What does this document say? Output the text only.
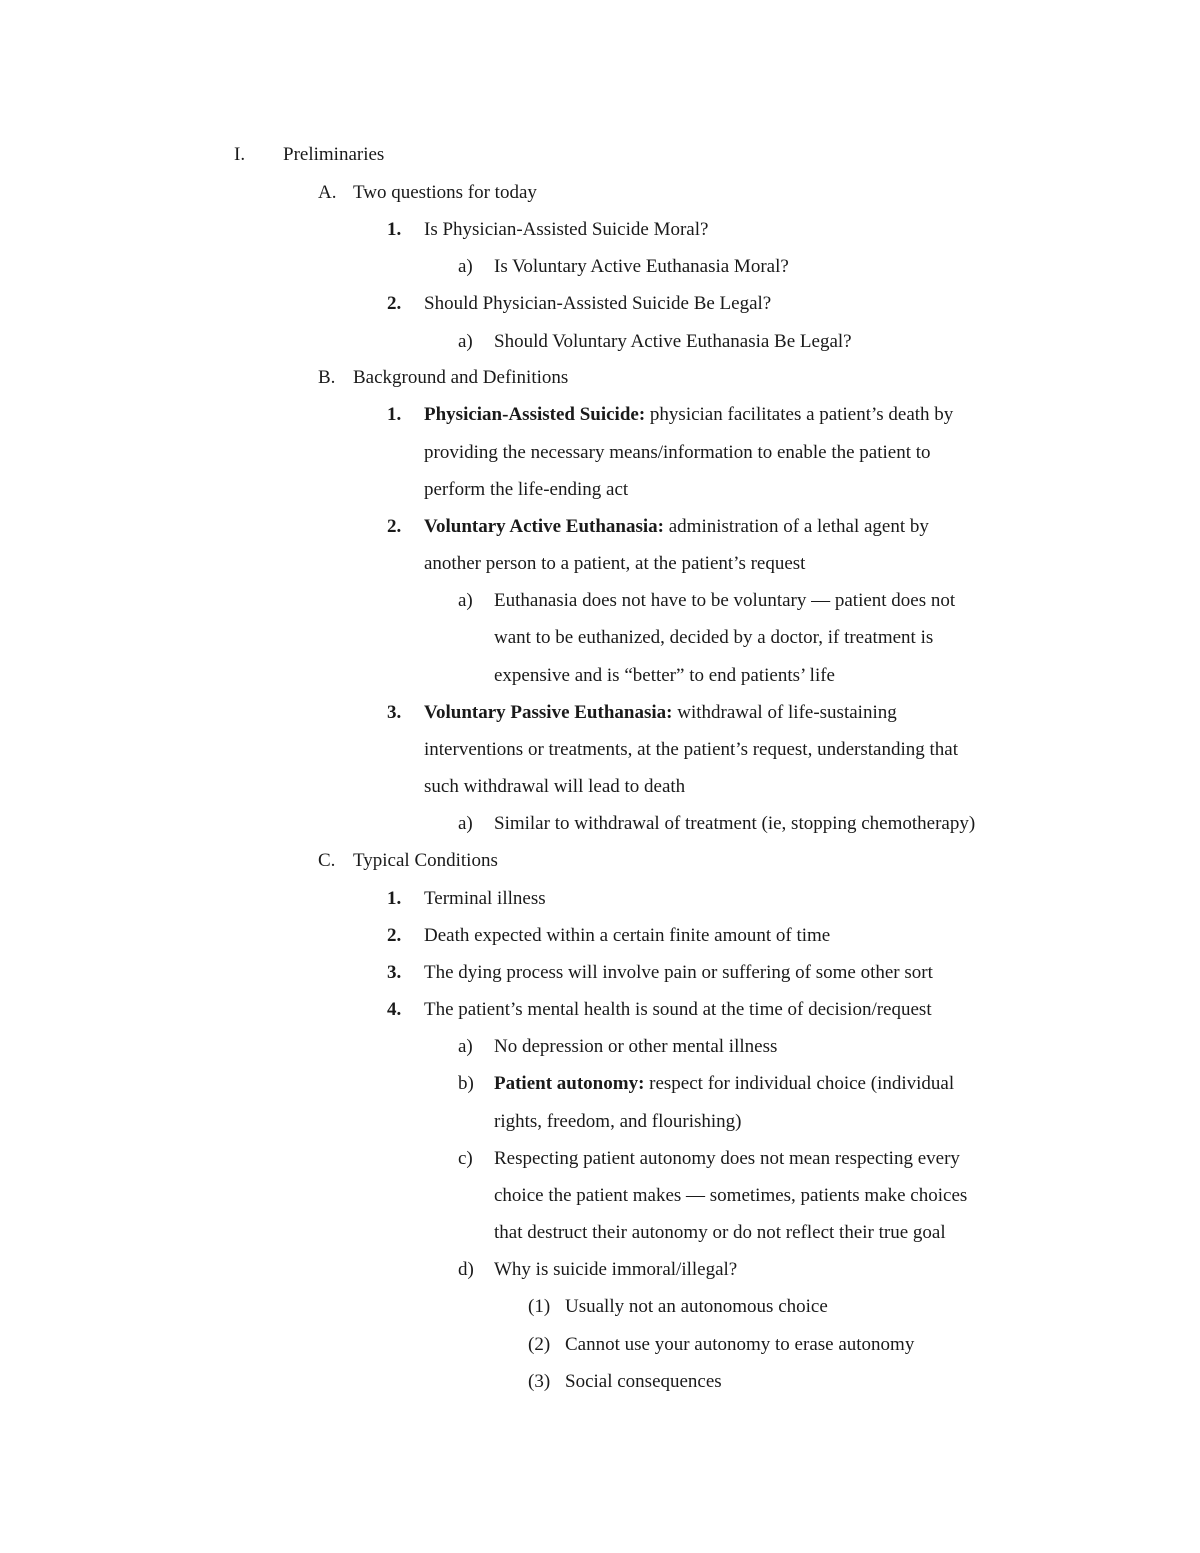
I. Preliminaries
A. Two questions for today
1. Is Physician-Assisted Suicide Moral?
a) Is Voluntary Active Euthanasia Moral?
2. Should Physician-Assisted Suicide Be Legal?
a) Should Voluntary Active Euthanasia Be Legal?
B. Background and Definitions
1. Physician-Assisted Suicide: physician facilitates a patient’s death by
providing the necessary means/information to enable the patient to
perform the life-ending act
2. Voluntary Active Euthanasia: administration of a lethal agent by
another person to a patient, at the patient’s request
a) Euthanasia does not have to be voluntary — patient does not
want to be euthanized, decided by a doctor, if treatment is
expensive and is “better” to end patients’ life
3. Voluntary Passive Euthanasia: withdrawal of life-sustaining
interventions or treatments, at the patient’s request, understanding that
such withdrawal will lead to death
a) Similar to withdrawal of treatment (ie, stopping chemotherapy)
C. Typical Conditions
1. Terminal illness
2. Death expected within a certain finite amount of time
3. The dying process will involve pain or suffering of some other sort
4. The patient’s mental health is sound at the time of decision/request
a) No depression or other mental illness
b) Patient autonomy: respect for individual choice (individual
rights, freedom, and flourishing)
c) Respecting patient autonomy does not mean respecting every
choice the patient makes — sometimes, patients make choices
that destruct their autonomy or do not reflect their true goal
d) Why is suicide immoral/illegal?
(1) Usually not an autonomous choice
(2) Cannot use your autonomy to erase autonomy
(3) Social consequences
